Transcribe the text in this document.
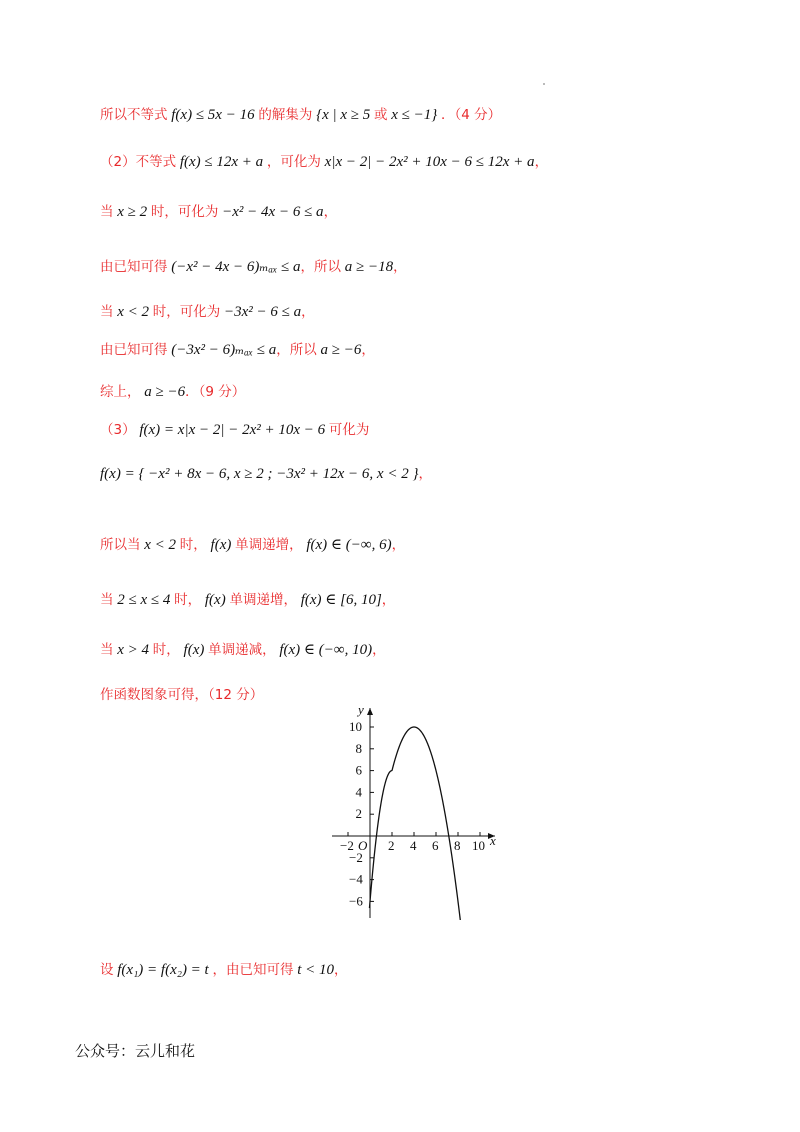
所以不等式 f(x) ≤ 5x − 16 的解集为 {x | x ≥ 5 或 x ≤ −1} ．（4 分）
（2）不等式 f(x) ≤ 12x + a ，可化为 x|x − 2| − 2x² + 10x − 6 ≤ 12x + a，
当 x ≥ 2 时，可化为 −x² − 4x − 6 ≤ a，
由已知可得 (−x² − 4x − 6)ₘₐₓ ≤ a，所以 a ≥ −18，
当 x < 2 时，可化为 −3x² − 6 ≤ a，
由已知可得 (−3x² − 6)ₘₐₓ ≤ a，所以 a ≥ −6，
综上， a ≥ −6．（9 分）
（3） f(x) = x|x − 2| − 2x² + 10x − 6 可化为
f(x) = { −x² + 8x − 6, x ≥ 2 ; −3x² + 12x − 6, x < 2 }，
所以当 x < 2 时， f(x) 单调递增， f(x) ∈ (−∞, 6)，
当 2 ≤ x ≤ 4 时， f(x) 单调递增， f(x) ∈ [6, 10]，
当 x > 4 时， f(x) 单调递减， f(x) ∈ (−∞, 10)，
作函数图象可得，（12 分）
设 f(x₁) = f(x₂) = t ，由已知可得 t < 10，
x
y
O
−2	2 4 6 8 10
10
8
6
4
2
−2
−4
−6
公众号：云儿和花
